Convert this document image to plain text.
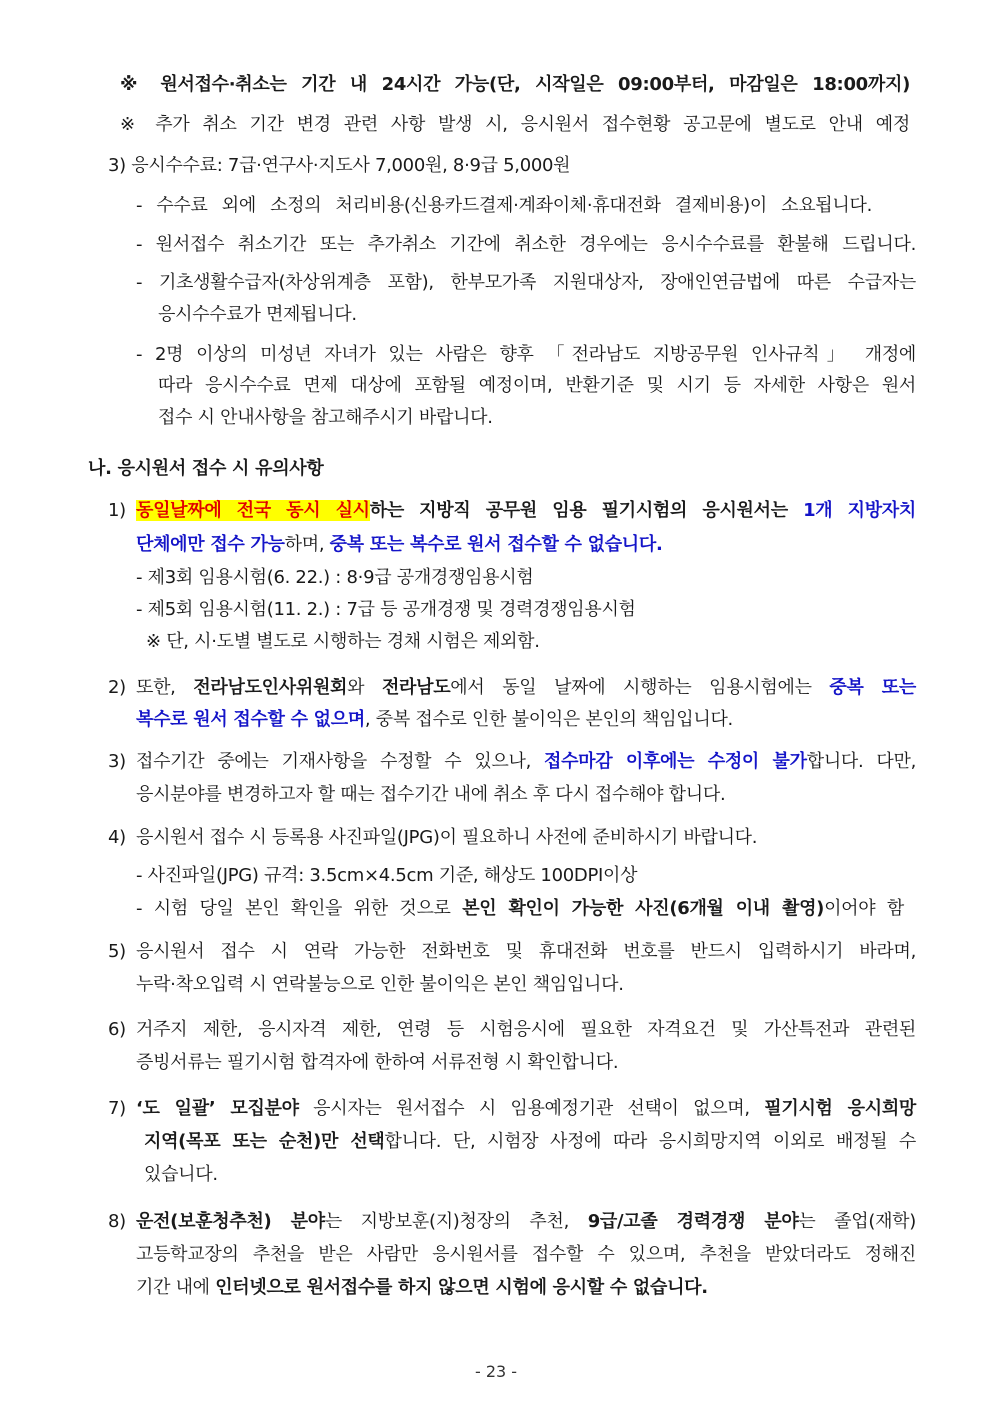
※ 원서접수·취소는 기간 내 24시간 가능(단, 시작일은 09:00부터, 마감일은 18:00까지)
※ 추가 취소 기간 변경 관련 사항 발생 시, 응시원서 접수현황 공고문에 별도로 안내 예정
3) 응시수수료: 7급·연구사·지도사 7,000원, 8·9급 5,000원
- 수수료 외에 소정의 처리비용(신용카드결제·계좌이체·휴대전화 결제비용)이 소요됩니다.
- 원서접수 취소기간 또는 추가취소 기간에 취소한 경우에는 응시수수료를 환불해 드립니다.
- 기초생활수급자(차상위계층 포함), 한부모가족 지원대상자, 장애인연금법에 따른 수급자는
응시수수료가 면제됩니다.
- 2명 이상의 미성년 자녀가 있는 사람은 향후 「전라남도 지방공무원 인사규칙」 개정에
따라 응시수수료 면제 대상에 포함될 예정이며, 반환기준 및 시기 등 자세한 사항은 원서
접수 시 안내사항을 참고해주시기 바랍니다.
나. 응시원서 접수 시 유의사항
1) 동일날짜에 전국 동시 실시하는 지방직 공무원 임용 필기시험의 응시원서는 1개 지방자치
단체에만 접수 가능하며, 중복 또는 복수로 원서 접수할 수 없습니다.
- 제3회 임용시험(6. 22.) : 8·9급 공개경쟁임용시험
- 제5회 임용시험(11. 2.) : 7급 등 공개경쟁 및 경력경쟁임용시험
※ 단, 시·도별 별도로 시행하는 경채 시험은 제외함.
2) 또한, 전라남도인사위원회와 전라남도에서 동일 날짜에 시행하는 임용시험에는 중복 또는
복수로 원서 접수할 수 없으며, 중복 접수로 인한 불이익은 본인의 책임입니다.
3) 접수기간 중에는 기재사항을 수정할 수 있으나, 접수마감 이후에는 수정이 불가합니다. 다만,
응시분야를 변경하고자 할 때는 접수기간 내에 취소 후 다시 접수해야 합니다.
4) 응시원서 접수 시 등록용 사진파일(JPG)이 필요하니 사전에 준비하시기 바랍니다.
- 사진파일(JPG) 규격: 3.5cm×4.5cm 기준, 해상도 100DPI이상
- 시험 당일 본인 확인을 위한 것으로 본인 확인이 가능한 사진(6개월 이내 촬영)이어야 함
5) 응시원서 접수 시 연락 가능한 전화번호 및 휴대전화 번호를 반드시 입력하시기 바라며,
누락·착오입력 시 연락불능으로 인한 불이익은 본인 책임입니다.
6) 거주지 제한, 응시자격 제한, 연령 등 시험응시에 필요한 자격요건 및 가산특전과 관련된
증빙서류는 필기시험 합격자에 한하여 서류전형 시 확인합니다.
7) ‘도 일괄’ 모집분야 응시자는 원서접수 시 임용예정기관 선택이 없으며, 필기시험 응시희망
지역(목포 또는 순천)만 선택합니다. 단, 시험장 사정에 따라 응시희망지역 이외로 배정될 수
있습니다.
8) 운전(보훈청추천) 분야는 지방보훈(지)청장의 추천, 9급/고졸 경력경쟁 분야는 졸업(재학)
고등학교장의 추천을 받은 사람만 응시원서를 접수할 수 있으며, 추천을 받았더라도 정해진
기간 내에 인터넷으로 원서접수를 하지 않으면 시험에 응시할 수 없습니다.
- 23 -
